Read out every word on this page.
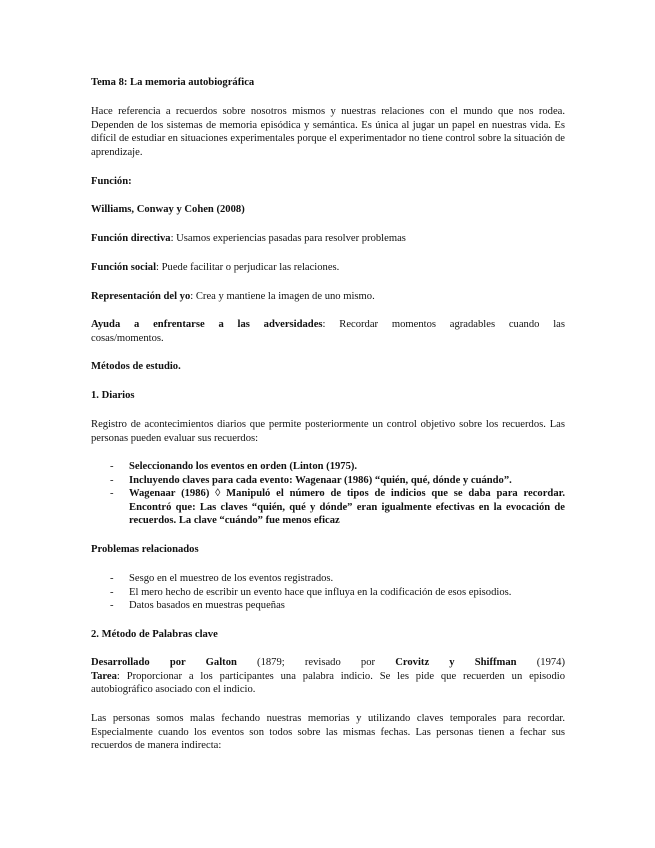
Tema 8: La memoria autobiográfica

Hace referencia a recuerdos sobre nosotros mismos y nuestras relaciones con el mundo que nos rodea. Dependen de los sistemas de memoria episódica y semántica. Es única al jugar un papel en nuestras vida. Es difícil de estudiar en situaciones experimentales porque el experimentador no tiene control sobre la situación de aprendizaje.

Función:

Williams, Conway y Cohen (2008)

Función directiva: Usamos experiencias pasadas para resolver problemas

Función social: Puede facilitar o perjudicar las relaciones.

Representación del yo: Crea y mantiene la imagen de uno mismo.

Ayuda a enfrentarse a las adversidades: Recordar momentos agradables cuando las
cosas/momentos.

Métodos de estudio.

1. Diarios

Registro de acontecimientos diarios que permite posteriormente un control objetivo sobre los recuerdos. Las personas pueden evaluar sus recuerdos:

- Seleccionando los eventos en orden (Linton (1975).
- Incluyendo claves para cada evento: Wagenaar (1986) “quién, qué, dónde y cuándo”.
- Wagenaar (1986) ◊ Manipuló el número de tipos de indicios que se daba para recordar. Encontró que: Las claves “quién, qué y dónde” eran igualmente efectivas en la evocación de recuerdos. La clave “cuándo” fue menos eficaz

Problemas relacionados

- Sesgo en el muestreo de los eventos registrados.
- El mero hecho de escribir un evento hace que influya en la codificación de esos episodios.
- Datos basados en muestras pequeñas

2. Método de Palabras clave

Desarrollado por Galton (1879; revisado por Crovitz y Shiffman (1974)
Tarea: Proporcionar a los participantes una palabra indicio. Se les pide que recuerden un episodio autobiográfico asociado con el indicio.

Las personas somos malas fechando nuestras memorias y utilizando claves temporales para recordar. Especialmente cuando los eventos son todos sobre las mismas fechas. Las personas tienen a fechar sus recuerdos de manera indirecta:
